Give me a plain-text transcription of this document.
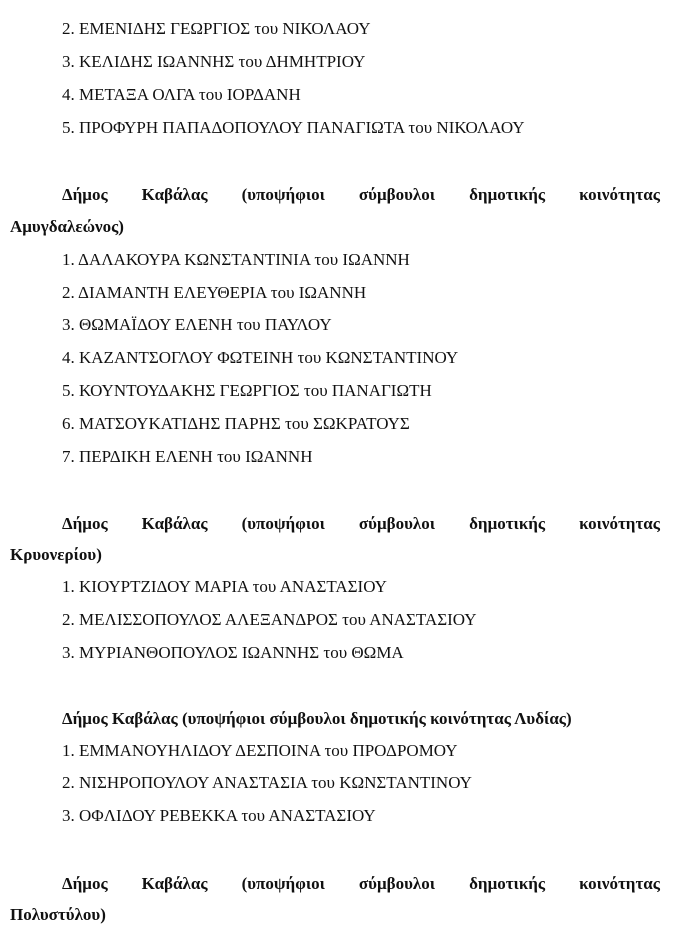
2. ΕΜΕΝΙΔΗΣ ΓΕΩΡΓΙΟΣ του ΝΙΚΟΛΑΟΥ
3. ΚΕΛΙΔΗΣ ΙΩΑΝΝΗΣ του ΔΗΜΗΤΡΙΟΥ
4. ΜΕΤΑΞΑ ΟΛΓΑ του ΙΟΡΔΑΝΗ
5. ΠΡΟΦΥΡΗ ΠΑΠΑΔΟΠΟΥΛΟΥ ΠΑΝΑΓΙΩΤΑ του ΝΙΚΟΛΑΟΥ
Δήμος Καβάλας (υποψήφιοι σύμβουλοι δημοτικής κοινότητας
Αμυγδαλεώνος)
1. ΔΑΛΑΚΟΥΡΑ ΚΩΝΣΤΑΝΤΙΝΙΑ του ΙΩΑΝΝΗ
2. ΔΙΑΜΑΝΤΗ ΕΛΕΥΘΕΡΙΑ του ΙΩΑΝΝΗ
3. ΘΩΜΑΪΔΟΥ ΕΛΕΝΗ του ΠΑΥΛΟΥ
4. ΚΑΖΑΝΤΣΟΓΛΟΥ ΦΩΤΕΙΝΗ του ΚΩΝΣΤΑΝΤΙΝΟΥ
5. ΚΟΥΝΤΟΥΔΑΚΗΣ ΓΕΩΡΓΙΟΣ του ΠΑΝΑΓΙΩΤΗ
6. ΜΑΤΣΟΥΚΑΤΙΔΗΣ ΠΑΡΗΣ του ΣΩΚΡΑΤΟΥΣ
7. ΠΕΡΔΙΚΗ ΕΛΕΝΗ του ΙΩΑΝΝΗ
Δήμος Καβάλας (υποψήφιοι σύμβουλοι δημοτικής κοινότητας
Κρυονερίου)
1. ΚΙΟΥΡΤΖΙΔΟΥ ΜΑΡΙΑ του ΑΝΑΣΤΑΣΙΟΥ
2. ΜΕΛΙΣΣΟΠΟΥΛΟΣ ΑΛΕΞΑΝΔΡΟΣ του ΑΝΑΣΤΑΣΙΟΥ
3. ΜΥΡΙΑΝΘΟΠΟΥΛΟΣ ΙΩΑΝΝΗΣ του ΘΩΜΑ
Δήμος Καβάλας (υποψήφιοι σύμβουλοι δημοτικής κοινότητας Λυδίας)
1. ΕΜΜΑΝΟΥΗΛΙΔΟΥ ΔΕΣΠΟΙΝΑ του ΠΡΟΔΡΟΜΟΥ
2. ΝΙΣΗΡΟΠΟΥΛΟΥ ΑΝΑΣΤΑΣΙΑ του ΚΩΝΣΤΑΝΤΙΝΟΥ
3. ΟΦΛΙΔΟΥ ΡΕΒΕΚΚΑ του ΑΝΑΣΤΑΣΙΟΥ
Δήμος Καβάλας (υποψήφιοι σύμβουλοι δημοτικής κοινότητας
Πολυστύλου)
